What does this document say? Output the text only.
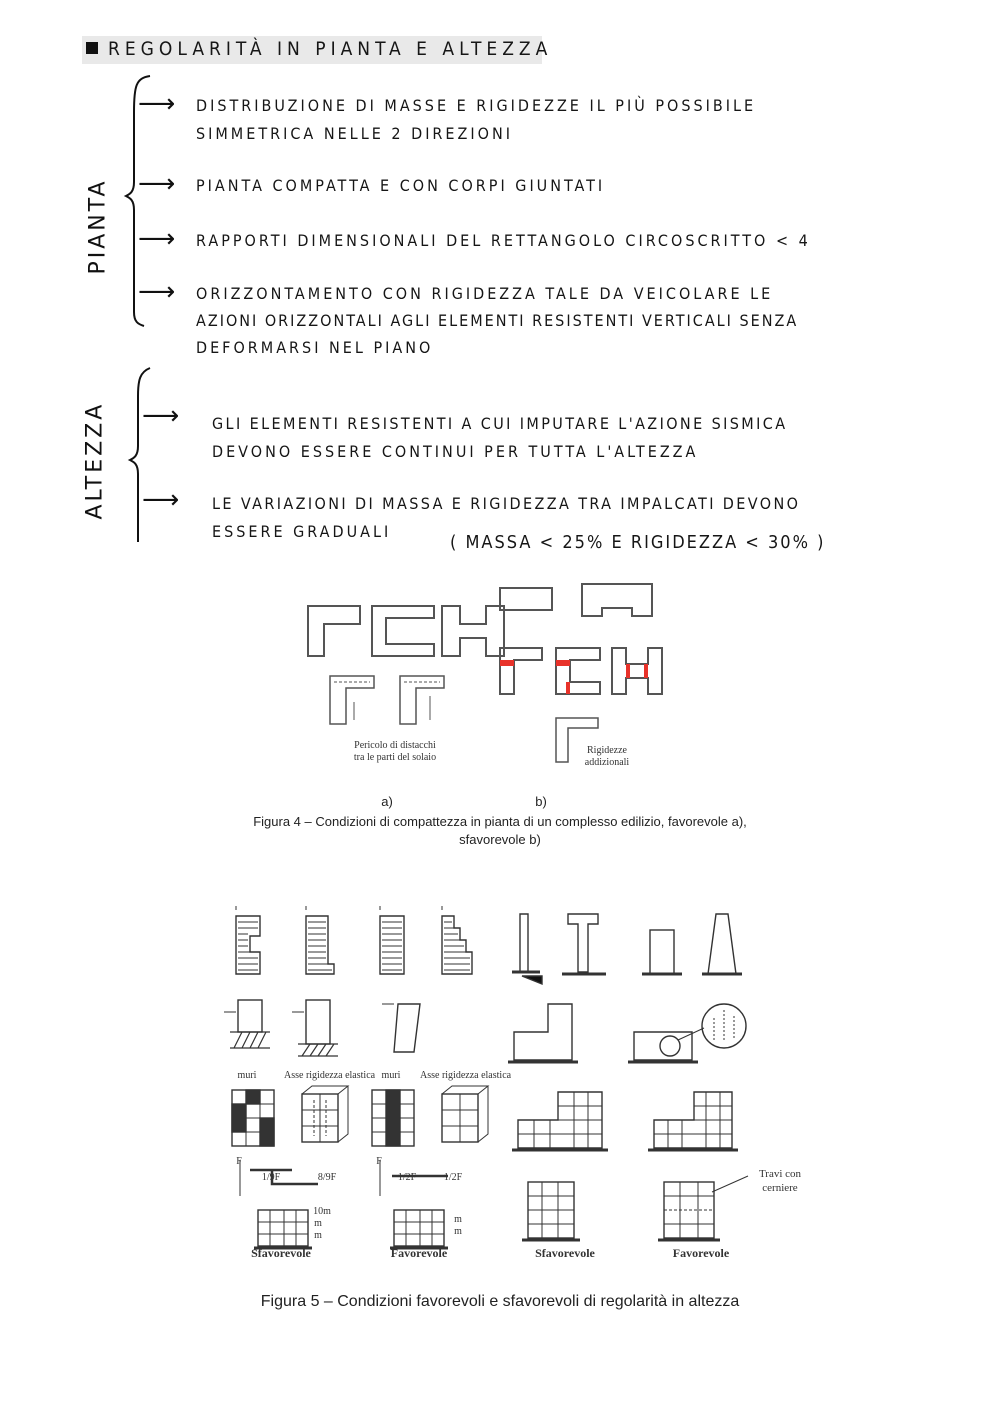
REGOLARITÀ IN PIANTA E ALTEZZA
PIANTA
⟶ DISTRIBUZIONE DI MASSE E RIGIDEZZE IL PIÙ POSSIBILE
SIMMETRICA NELLE 2 DIREZIONI
⟶ PIANTA COMPATTA E CON CORPI GIUNTATI
⟶ RAPPORTI DIMENSIONALI DEL RETTANGOLO CIRCOSCRITTO < 4
⟶ ORIZZONTAMENTO CON RIGIDEZZA TALE DA VEICOLARE LE
AZIONI ORIZZONTALI AGLI ELEMENTI RESISTENTI VERTICALI SENZA
DEFORMARSI NEL PIANO
ALTEZZA ⟶ GLI ELEMENTI RESISTENTI A CUI IMPUTARE L'AZIONE SISMICA
DEVONO ESSERE CONTINUI PER TUTTA L'ALTEZZA
⟶ LE VARIAZIONI DI MASSA E RIGIDEZZA TRA IMPALCATI DEVONO
ESSERE GRADUALI
( MASSA < 25% E RIGIDEZZA < 30% )
Pericolo di distacchi
tra le parti del solaio
Rigidezze
addizionali
a)	b)
Figura 4 – Condizioni di compattezza in pianta di un complesso edilizio, favorevole a),
sfavorevole b)
muri	Asse rigidezza elastica muri	Asse rigidezza elastica
F	F
1/9F	8/9F	1/2F	1/2F
10m
m
m
m
m
Travi con
cerniere
Sfavorevole	Favorevole	Sfavorevole	Favorevole
Figura 5 – Condizioni favorevoli e sfavorevoli di regolarità in altezza
